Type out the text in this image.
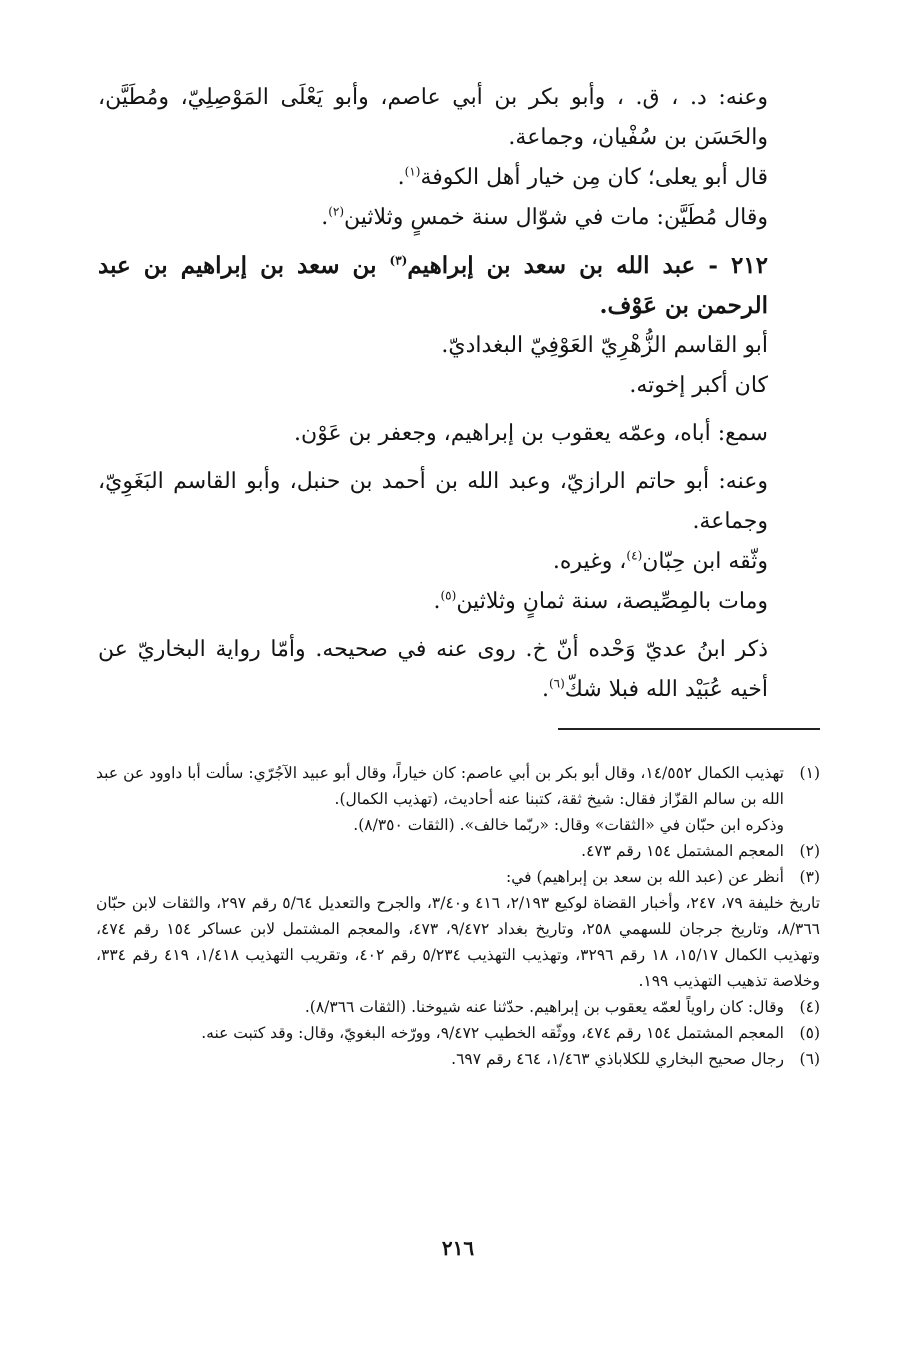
وعنه: د. ، ق. ، وأبو بكر بن أبي عاصم، وأبو يَعْلَى المَوْصِلِيّ، ومُطَيَّن، والحَسَن بن سُفْيان، وجماعة.

قال أبو يعلى؛ كان مِن خيار أهل الكوفة$^{(١)}$.

وقال مُطَيَّن: مات في شوّال سنة خمسٍ وثلاثين$^{(٢)}$.

٢١٢ - عبد الله بن سعد بن إبراهيم$^{(٣)}$ بن سعد بن إبراهيم بن عبد الرحمن بن عَوْف.

أبو القاسم الزُّهْرِيّ العَوْفِيّ البغداديّ.

كان أكبر إخوته.

سمع: أباه، وعمّه يعقوب بن إبراهيم، وجعفر بن عَوْن.

وعنه: أبو حاتم الرازيّ، وعبد الله بن أحمد بن حنبل، وأبو القاسم البَغَوِيّ، وجماعة.

وثّقه ابن حِبّان$^{(٤)}$، وغيره.

ومات بالمِصِّيصة، سنة ثمانٍ وثلاثين$^{(٥)}$.

ذكر ابنُ عديّ وَحْده أنّ خ. روى عنه في صحيحه. وأمّا رواية البخاريّ عن أخيه عُبَيْد الله فبلا شكّ$^{(٦)}$.

(١)
تهذيب الكمال ١٤/٥٥٢، وقال أبو بكر بن أبي عاصم: كان خياراً، وقال أبو عبيد الآجُرّي: سألت أبا داوود عن عبد الله بن سالم القزّاز فقال: شيخ ثقة، كتبنا عنه أحاديث، (تهذيب الكمال).

وذكره ابن حبّان في «الثقات» وقال: «ربّما خالف». (الثقات ٨/٣٥٠).

(٢)
المعجم المشتمل ١٥٤ رقم ٤٧٣.
(٣)
أنظر عن (عبد الله بن سعد بن إبراهيم) في:

تاريخ خليفة ٧٩، ٢٤٧، وأخبار القضاة لوكيع ٢/١٩٣، ٤١٦ و٣/٤٠، والجرح والتعديل ٥/٦٤ رقم ٢٩٧، والثقات لابن حبّان ٨/٣٦٦، وتاريخ جرجان للسهمي ٢٥٨، وتاريخ بغداد ٩/٤٧٢، ٤٧٣، والمعجم المشتمل لابن عساكر ١٥٤ رقم ٤٧٤، وتهذيب الكمال ١٥/١٧، ١٨ رقم ٣٢٩٦، وتهذيب التهذيب ٥/٢٣٤ رقم ٤٠٢، وتقريب التهذيب ١/٤١٨، ٤١٩ رقم ٣٣٤، وخلاصة تذهيب التهذيب ١٩٩.

(٤)
وقال: كان راوياً لعمّه يعقوب بن إبراهيم. حدّثنا عنه شيوخنا. (الثقات ٨/٣٦٦).
(٥)
المعجم المشتمل ١٥٤ رقم ٤٧٤، ووثّقه الخطيب ٩/٤٧٢، وورّخه البغويّ، وقال: وقد كتبت عنه.
(٦)
رجال صحيح البخاري للكلاباذي ١/٤٦٣، ٤٦٤ رقم ٦٩٧.
٢١٦
